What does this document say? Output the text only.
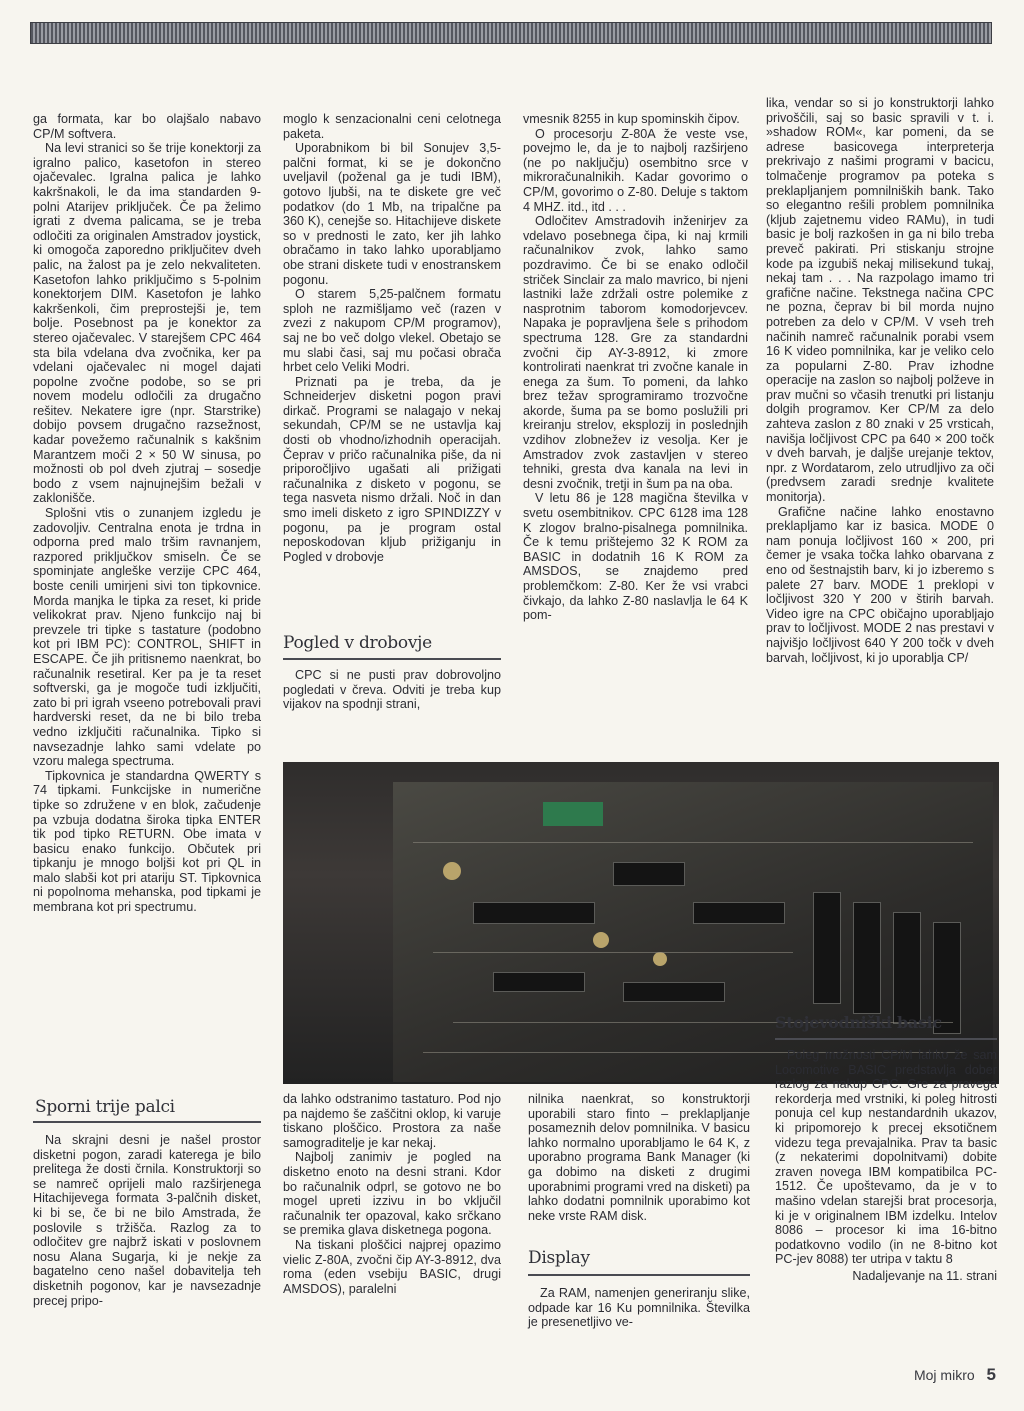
ga formata, kar bo olajšalo nabavo CP/M softvera.

Na levi stranici so še trije konektorji za igralno palico, kasetofon in stereo ojačevalec. Igralna palica je lahko kakršnakoli, le da ima standarden 9-polni Atarijev priključek. Če pa želimo igrati z dvema palicama, se je treba odločiti za originalen Amstradov joystick, ki omogoča zaporedno priključitev dveh palic, na žalost pa je zelo nekvaliteten. Kasetofon lahko priključimo s 5-polnim konektorjem DIM. Kasetofon je lahko kakršenkoli, čim preprostejši je, tem bolje. Posebnost pa je konektor za stereo ojačevalec. V starejšem CPC 464 sta bila vdelana dva zvočnika, ker pa vdelani ojačevalec ni mogel dajati popolne zvočne podobe, so se pri novem modelu odločili za drugačno rešitev. Nekatere igre (npr. Starstrike) dobijo povsem drugačno razsežnost, kadar povežemo računalnik s kakšnim Marantzem moči 2 × 50 W sinusa, po možnosti ob pol dveh zjutraj – sosedje bodo z vsem najnujnejšim bežali v zaklonišče.

Splošni vtis o zunanjem izgledu je zadovoljiv. Centralna enota je trdna in odporna pred malo tršim ravnanjem, razpored priključkov smiseln. Če se spominjate angleške verzije CPC 464, boste cenili umirjeni sivi ton tipkovnice. Morda manjka le tipka za reset, ki pride velikokrat prav. Njeno funkcijo naj bi prevzele tri tipke s tastature (podobno kot pri IBM PC): CONTROL, SHIFT in ESCAPE. Če jih pritisnemo naenkrat, bo računalnik resetiral. Ker pa je ta reset softverski, ga je mogoče tudi izključiti, zato bi pri igrah vseeno potrebovali pravi hardverski reset, da ne bi bilo treba vedno izključiti računalnika. Tipko si navsezadnje lahko sami vdelate po vzoru malega spectruma.

Tipkovnica je standardna QWERTY s 74 tipkami. Funkcijske in numerične tipke so združene v en blok, začudenje pa vzbuja dodatna široka tipka ENTER tik pod tipko RETURN. Obe imata v basicu enako funkcijo. Občutek pri tipkanju je mnogo boljši kot pri QL in malo slabši kot pri atariju ST. Tipkovnica ni popolnoma mehanska, pod tipkami je membrana kot pri spectrumu.

Sporni trije palci

Na skrajni desni je našel prostor disketni pogon, zaradi katerega je bilo prelitega že dosti črnila. Konstruktorji so se namreč oprijeli malo razširjenega Hitachijevega formata 3-palčnih disket, ki bi se, če bi ne bilo Amstrada, že poslovile s tržišča. Razlog za to odločitev gre najbrž iskati v poslovnem nosu Alana Sugarja, ki je nekje za bagatelno ceno našel dobavitelja teh disketnih pogonov, kar je navsezadnje precej pripo-

moglo k senzacionalni ceni celotnega paketa.

Uporabnikom bi bil Sonujev 3,5-palčni format, ki se je dokončno uveljavil (poženal ga je tudi IBM), gotovo ljubši, na te diskete gre več podatkov (do 1 Mb, na tripalčne pa 360 K), cenejše so. Hitachijeve diskete so v prednosti le zato, ker jih lahko obračamo in tako lahko uporabljamo obe strani diskete tudi v enostranskem pogonu.

O starem 5,25-palčnem formatu sploh ne razmišljamo več (razen v zvezi z nakupom CP/M programov), saj ne bo več dolgo vlekel. Obetajo se mu slabi časi, saj mu počasi obrača hrbet celo Veliki Modri.

Priznati pa je treba, da je Schneiderjev disketni pogon pravi dirkač. Programi se nalagajo v nekaj sekundah, CP/M se ne ustavlja kaj dosti ob vhodno/izhodnih operacijah. Čeprav v pričo računalnika piše, da ni priporočljivo ugašati ali prižigati računalnika z disketo v pogonu, se tega nasveta nismo držali. Noč in dan smo imeli disketo z igro SPINDIZZY v pogonu, pa je program ostal neposkodovan kljub prižiganju in Pogled v drobovje

Pogled v drobovje

CPC si ne pusti prav dobrovoljno pogledati v čreva. Odviti je treba kup vijakov na spodnji strani,

vmesnik 8255 in kup spominskih čipov.

O procesorju Z-80A že veste vse, povejmo le, da je to najbolj razširjeno (ne po naključju) osembitno srce v mikroračunalnikih. Kadar govorimo o CP/M, govorimo o Z-80. Deluje s taktom 4 MHZ. itd., itd . . .

Odločitev Amstradovih inženirjev za vdelavo posebnega čipa, ki naj krmili računalnikov zvok, lahko samo pozdravimo. Če bi se enako odločil striček Sinclair za malo mavrico, bi njeni lastniki laže zdržali ostre polemike z nasprotnim taborom komodorjevcev. Napaka je popravljena šele s prihodom spectruma 128. Gre za standardni zvočni čip AY-3-8912, ki zmore kontrolirati naenkrat tri zvočne kanale in enega za šum. To pomeni, da lahko brez težav sprogramiramo trozvočne akorde, šuma pa se bomo poslužili pri kreiranju strelov, eksplozij in poslednjih vzdihov zlobnežev iz vesolja. Ker je Amstradov zvok zastavljen v stereo tehniki, gresta dva kanala na levi in desni zvočnik, tretji in šum pa na oba.

V letu 86 je 128 magična številka v svetu osembitnikov. CPC 6128 ima 128 K zlogov bralno-pisalnega pomnilnika. Če k temu prištejemo 32 K ROM za BASIC in dodatnih 16 K ROM za AMSDOS, se znajdemo pred problemčkom: Z-80. Ker že vsi vrabci čivkajo, da lahko Z-80 naslavlja le 64 K pom-

lika, vendar so si jo konstruktorji lahko privoščili, saj so basic spravili v t. i. »shadow ROM«, kar pomeni, da se adrese basicovega interpreterja prekrivajo z našimi programi v bacicu, tolmačenje programov pa poteka s preklapljanjem pomnilniških bank. Tako so elegantno rešili problem pomnilnika (kljub zajetnemu video RAMu), in tudi basic je bolj razkošen in ga ni bilo treba preveč pakirati. Pri stiskanju strojne kode pa izgubiš nekaj milisekund tukaj, nekaj tam . . . Na razpolago imamo tri grafične načine. Tekstnega načina CPC ne pozna, čeprav bi bil morda nujno potreben za delo v CP/M. V vseh treh načinih namreč računalnik porabi vsem 16 K video pomnilnika, kar je veliko celo za popularni Z-80. Prav izhodne operacije na zaslon so najbolj polževe in prav mučni so včasih trenutki pri listanju dolgih programov. Ker CP/M za delo zahteva zaslon z 80 znaki v 25 vrsticah, navišja ločljivost CPC pa 640 × 200 točk v dveh barvah, je daljše urejanje tektov, npr. z Wordatarom, zelo utrudljivo za oči (predvsem zaradi srednje kvalitete monitorja).

Grafične načine lahko enostavno preklapljamo kar iz basica. MODE 0 nam ponuja ločljivost 160 × 200, pri čemer je vsaka točka lahko obarvana z eno od šestnajstih barv, ki jo izberemo s palete 27 barv. MODE 1 preklopi v ločljivost 320 Y 200 v štirih barvah. Video igre na CPC običajno uporabljajo prav to ločljivost. MODE 2 nas prestavi v najvišjo ločljivost 640 Y 200 točk v dveh barvah, ločljivost, ki jo uporablja CP/

da lahko odstranimo tastaturo. Pod njo pa najdemo še zaščitni oklop, ki varuje tiskano ploščico. Prostora za naše samograditelje je kar nekaj.

Najbolj zanimiv je pogled na disketno enoto na desni strani. Kdor bo računalnik odprl, se gotovo ne bo mogel upreti izzivu in bo vključil računalnik ter opazoval, kako srčkano se premika glava disketnega pogona.

Na tiskani ploščici najprej opazimo vielic Z-80A, zvočni čip AY-3-8912, dva roma (eden vsebiju BASIC, drugi AMSDOS), paralelni

nilnika naenkrat, so konstruktorji uporabili staro finto – preklapljanje posameznih delov pomnilnika. V basicu lahko normalno uporabljamo le 64 K, z uporabno programa Bank Manager (ki ga dobimo na disketi z drugimi uporabnimi programi vred na disketi) pa lahko dodatni pomnilnik uporabimo kot neke vrste RAM disk.

Display

Za RAM, namenjen generiranju slike, odpade kar 16 Ku pomnilnika. Številka je presenetljivo ve-

Stojevodniški basic

Poleg možnosti CP/M lahko že sam Locomotive BASIC predstavlja dober razlog za nakup CPC. Gre za pravega rekorderja med vrstniki, ki poleg hitrosti ponuja cel kup nestandardnih ukazov, ki pripomorejo k precej eksotičnem videzu tega prevajalnika. Prav ta basic (z nekaterimi dopolnitvami) dobite zraven novega IBM kompatibilca PC-1512. Če upoštevamo, da je v to mašino vdelan starejši brat procesorja, ki je v originalnem IBM izdelku. Intelov 8086 – procesor ki ima 16-bitno podatkovno vodilo (in ne 8-bitno kot PC-jev 8088) ter utripa v taktu 8

Nadaljevanje na 11. strani

Moj mikro 5
